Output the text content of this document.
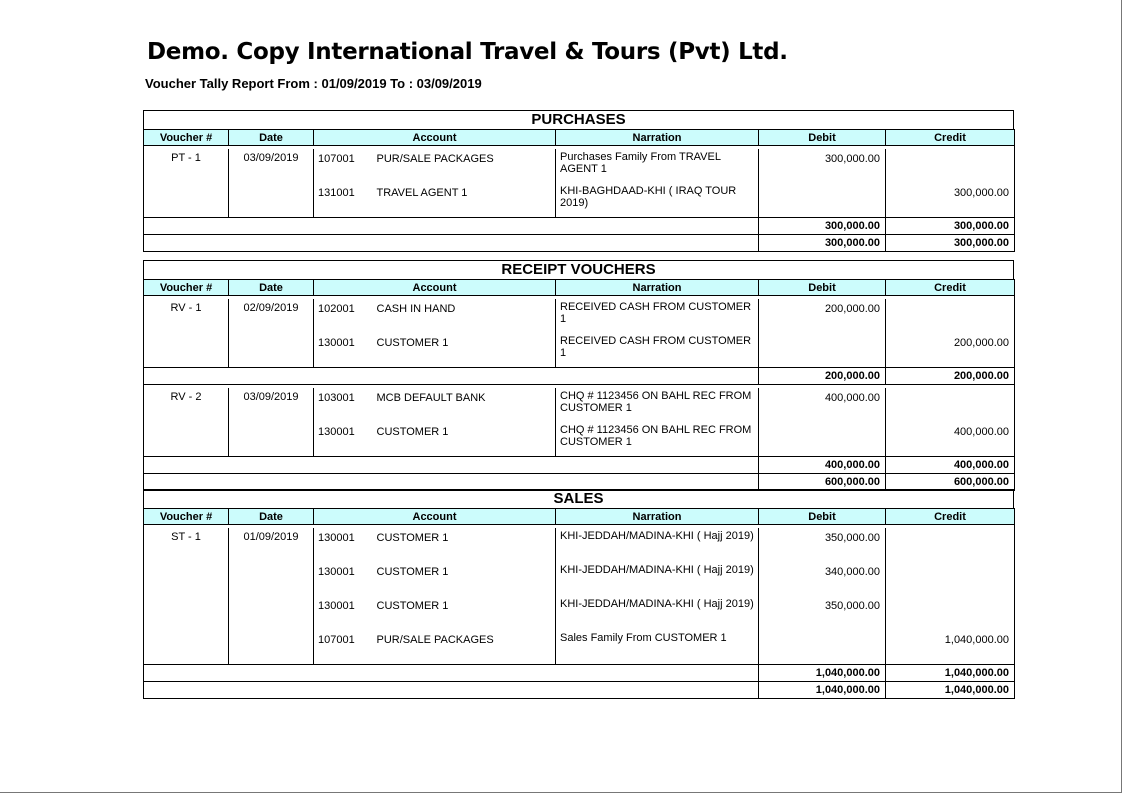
Demo. Copy International Travel & Tours (Pvt) Ltd.
Voucher Tally Report From : 01/09/2019 To : 03/09/2019
PURCHASES
Voucher #	Date	Account		Narration	Debit	Credit

PT - 1	03/09/2019	107001	PUR/SALE PACKAGES	Purchases Family From TRAVEL AGENT 1	300,000.00	
		131001	TRAVEL AGENT 1	KHI-BAGHDAAD-KHI ( IRAQ TOUR 2019)		300,000.00
					300,000.00	300,000.00
					300,000.00	300,000.00
RECEIPT VOUCHERS
Voucher #	Date	Account		Narration	Debit	Credit

RV - 1	02/09/2019	102001	CASH IN HAND	RECEIVED CASH FROM CUSTOMER 1	200,000.00	
		130001	CUSTOMER 1	RECEIVED CASH FROM CUSTOMER 1		200,000.00
					200,000.00	200,000.00

RV - 2	03/09/2019	103001	MCB DEFAULT BANK	CHQ # 1123456 ON BAHL REC FROM CUSTOMER 1	400,000.00	
		130001	CUSTOMER 1	CHQ # 1123456 ON BAHL REC FROM CUSTOMER 1		400,000.00
					400,000.00	400,000.00
					600,000.00	600,000.00
SALES
Voucher #	Date	Account		Narration	Debit	Credit

ST - 1	01/09/2019	130001	CUSTOMER 1	KHI-JEDDAH/MADINA-KHI ( Hajj 2019)	350,000.00	
		130001	CUSTOMER 1	KHI-JEDDAH/MADINA-KHI ( Hajj 2019)	340,000.00	
		130001	CUSTOMER 1	KHI-JEDDAH/MADINA-KHI ( Hajj 2019)	350,000.00	
		107001	PUR/SALE PACKAGES	Sales Family From CUSTOMER 1		1,040,000.00
					1,040,000.00	1,040,000.00
					1,040,000.00	1,040,000.00
